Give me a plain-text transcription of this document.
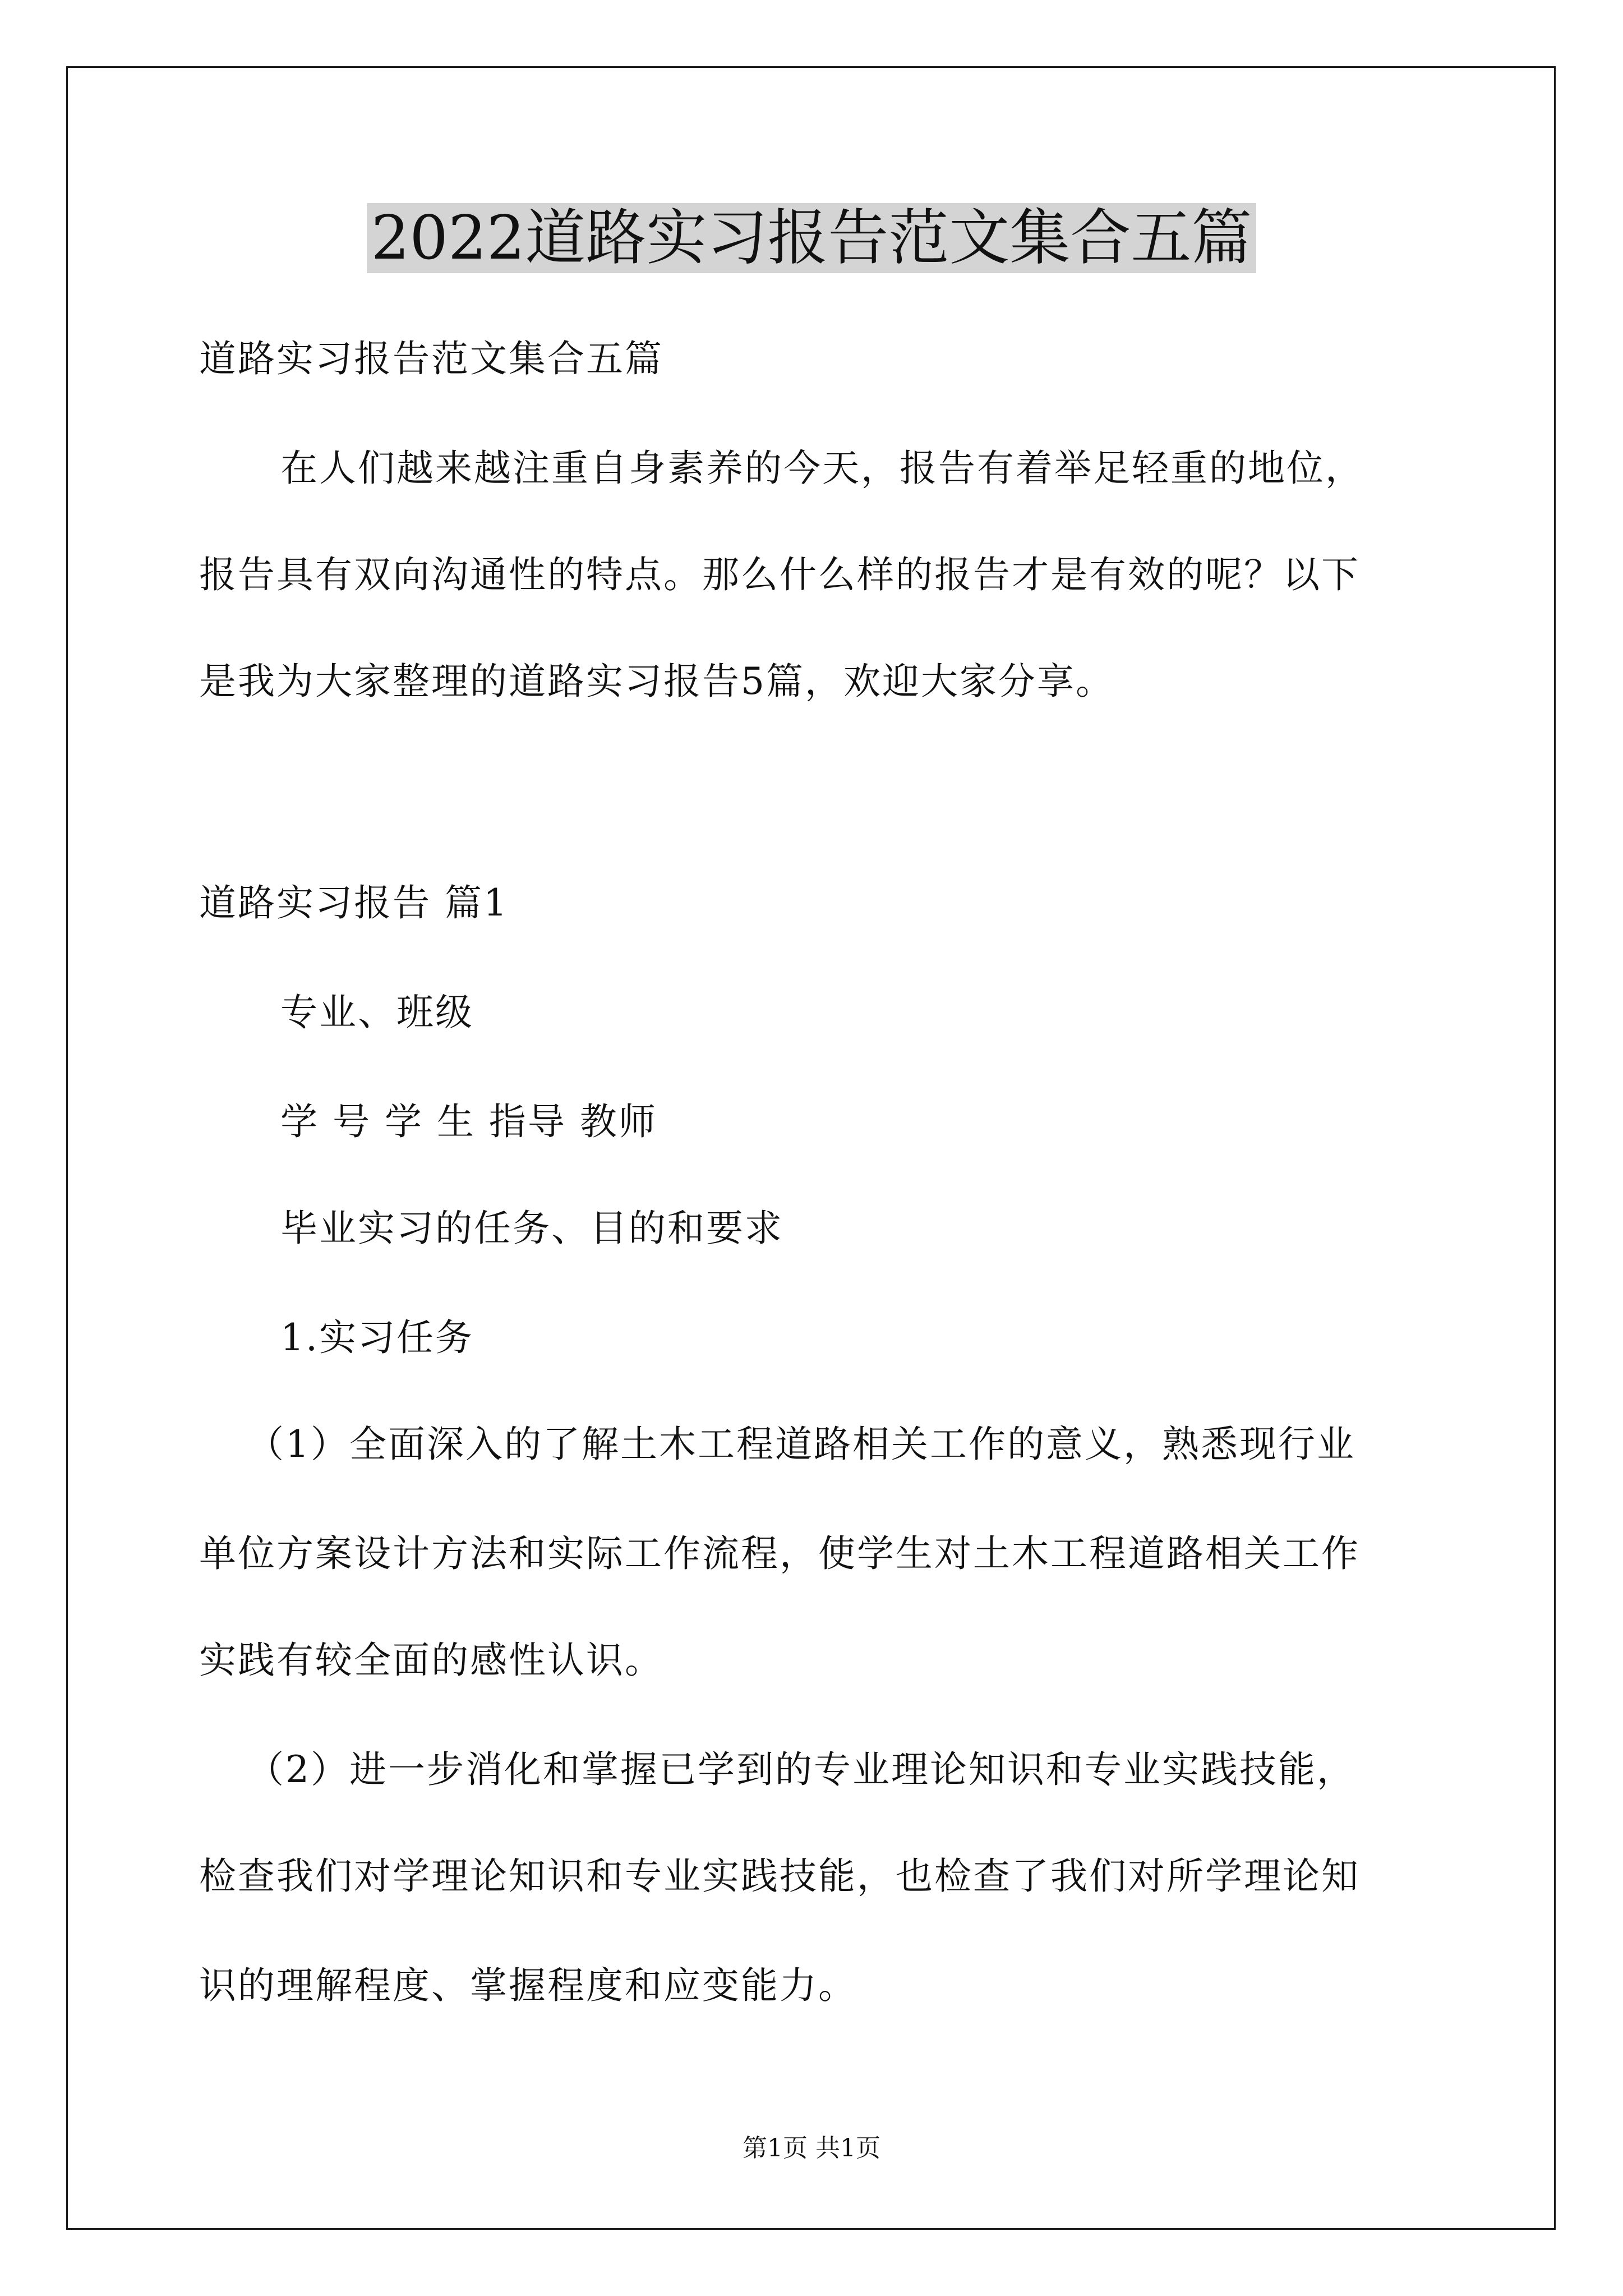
2022道路实习报告范文集合五篇
道路实习报告范文集合五篇
在人们越来越注重自身素养的今天，报告有着举足轻重的地位，
报告具有双向沟通性的特点。那么什么样的报告才是有效的呢？以下
是我为大家整理的道路实习报告5篇，欢迎大家分享。
道路实习报告 篇1
专业、班级
学 号 学 生 指导 教师
毕业实习的任务、目的和要求
1.实习任务
（1）全面深入的了解土木工程道路相关工作的意义，熟悉现行业
单位方案设计方法和实际工作流程，使学生对土木工程道路相关工作
实践有较全面的感性认识。
（2）进一步消化和掌握已学到的专业理论知识和专业实践技能，
检查我们对学理论知识和专业实践技能，也检查了我们对所学理论知
识的理解程度、掌握程度和应变能力。
第1页 共1页
